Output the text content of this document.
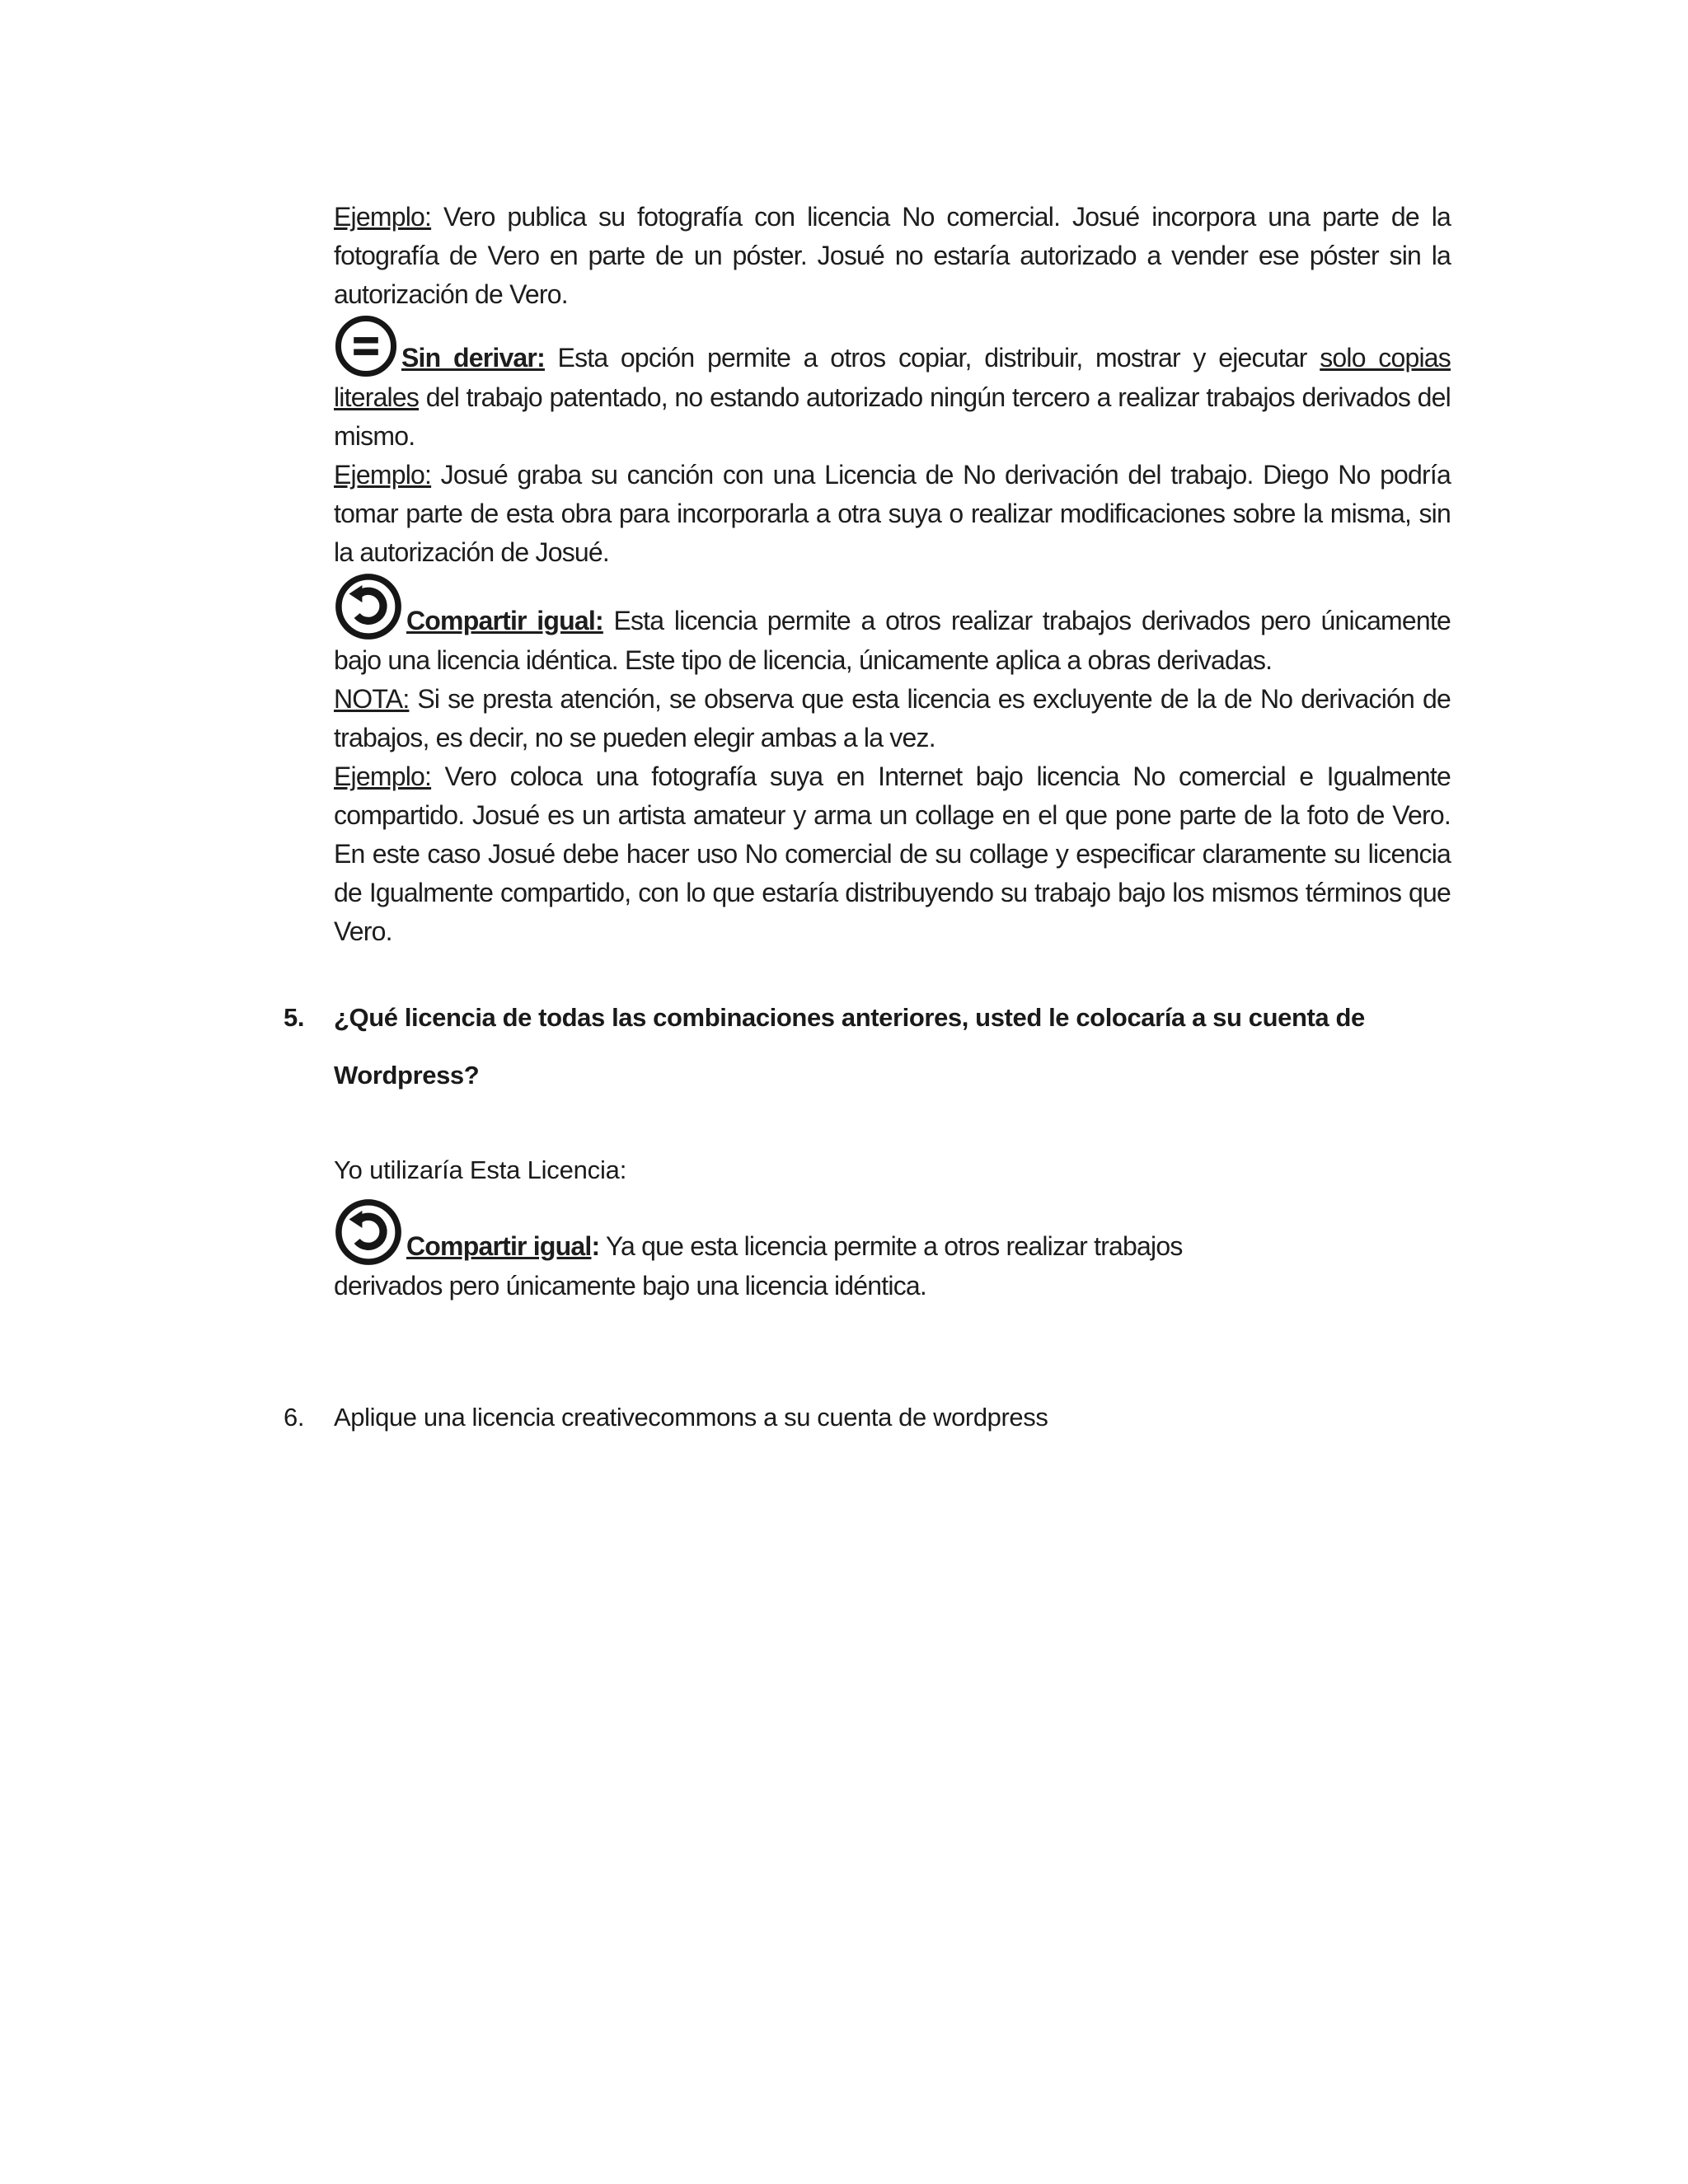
Ejemplo: Vero publica su fotografía con licencia No comercial. Josué incorpora una parte de la fotografía de Vero en parte de un póster. Josué no estaría autorizado a vender ese póster sin la autorización de Vero.

Sin derivar: Esta opción permite a otros copiar, distribuir, mostrar y ejecutar solo copias literales del trabajo patentado, no estando autorizado ningún tercero a realizar trabajos derivados del mismo.

Ejemplo: Josué graba su canción con una Licencia de No derivación del trabajo. Diego No podría tomar parte de esta obra para incorporarla a otra suya o realizar modificaciones sobre la misma, sin la autorización de Josué.

Compartir igual: Esta licencia permite a otros realizar trabajos derivados pero únicamente bajo una licencia idéntica. Este tipo de licencia, únicamente aplica a obras derivadas.

NOTA: Si se presta atención, se observa que esta licencia es excluyente de la de No derivación de trabajos, es decir, no se pueden elegir ambas a la vez.

Ejemplo: Vero coloca una fotografía suya en Internet bajo licencia No comercial e Igualmente compartido. Josué es un artista amateur y arma un collage en el que pone parte de la foto de Vero. En este caso Josué debe hacer uso No comercial de su collage y especificar claramente su licencia de Igualmente compartido, con lo que estaría distribuyendo su trabajo bajo los mismos términos que Vero.

5.	¿Qué licencia de todas las combinaciones anteriores, usted le colocaría a su cuenta de Wordpress?
Yo utilizaría Esta Licencia:

Compartir igual: Ya que esta licencia permite a otros realizar trabajos derivados pero únicamente bajo una licencia idéntica.

6.	Aplique una licencia creativecommons a su cuenta de wordpress
